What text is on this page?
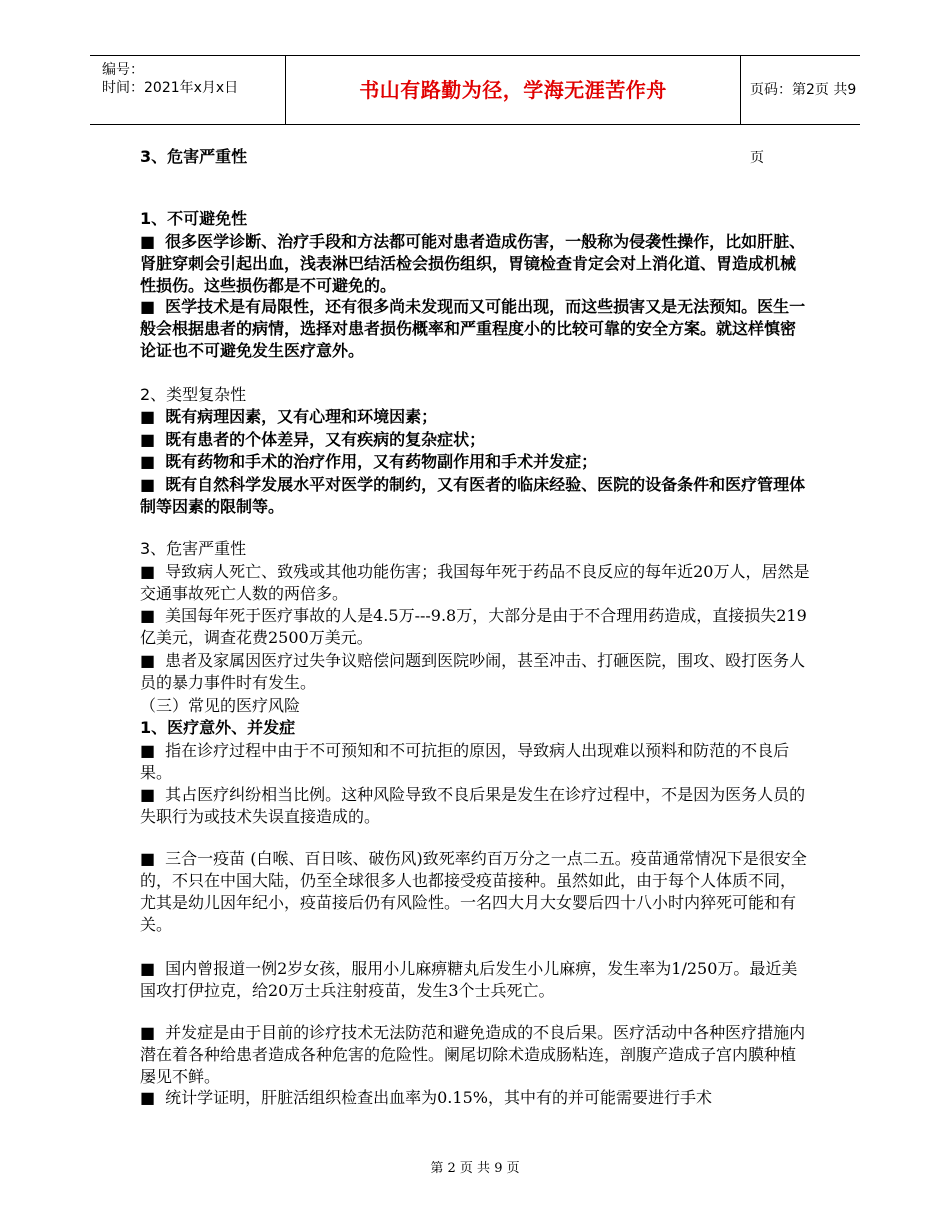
编号：
时间：2021年x月x日	书山有路勤为径，学海无涯苦作舟	页码：第2页 共9页

3、危害严重性

1、不可避免性

■ 很多医学诊断、治疗手段和方法都可能对患者造成伤害，一般称为侵袭性操作，比如肝脏、肾脏穿刺会引起出血，浅表淋巴结活检会损伤组织，胃镜检查肯定会对上消化道、胃造成机械性损伤。这些损伤都是不可避免的。

■ 医学技术是有局限性，还有很多尚未发现而又可能出现，而这些损害又是无法预知。医生一般会根据患者的病情，选择对患者损伤概率和严重程度小的比较可靠的安全方案。就这样慎密论证也不可避免发生医疗意外。

2、类型复杂性

■ 既有病理因素，又有心理和环境因素；

■ 既有患者的个体差异，又有疾病的复杂症状；

■ 既有药物和手术的治疗作用，又有药物副作用和手术并发症；

■ 既有自然科学发展水平对医学的制约，又有医者的临床经验、医院的设备条件和医疗管理体制等因素的限制等。

3、危害严重性

■ 导致病人死亡、致残或其他功能伤害；我国每年死于药品不良反应的每年近20万人，居然是交通事故死亡人数的两倍多。

■ 美国每年死于医疗事故的人是4.5万---9.8万，大部分是由于不合理用药造成，直接损失219亿美元，调查花费2500万美元。

■ 患者及家属因医疗过失争议赔偿问题到医院吵闹，甚至冲击、打砸医院，围攻、殴打医务人员的暴力事件时有发生。

（三）常见的医疗风险

1、医疗意外、并发症

■ 指在诊疗过程中由于不可预知和不可抗拒的原因，导致病人出现难以预料和防范的不良后果。

■ 其占医疗纠纷相当比例。这种风险导致不良后果是发生在诊疗过程中，不是因为医务人员的失职行为或技术失误直接造成的。

■ 三合一疫苗 (白喉、百日咳、破伤风)致死率约百万分之一点二五。疫苗通常情况下是很安全的，不只在中国大陆，仍至全球很多人也都接受疫苗接种。虽然如此，由于每个人体质不同，尤其是幼儿因年纪小，疫苗接后仍有风险性。一名四大月大女婴后四十八小时内猝死可能和有关。

■ 国内曾报道一例2岁女孩，服用小儿麻痹糖丸后发生小儿麻痹，发生率为1/250万。最近美国攻打伊拉克，给20万士兵注射疫苗，发生3个士兵死亡。

■ 并发症是由于目前的诊疗技术无法防范和避免造成的不良后果。医疗活动中各种医疗措施内潜在着各种给患者造成各种危害的危险性。阑尾切除术造成肠粘连，剖腹产造成子宫内膜种植屡见不鲜。

■ 统计学证明，肝脏活组织检查出血率为0.15%，其中有的并可能需要进行手术

第 2 页 共 9 页
